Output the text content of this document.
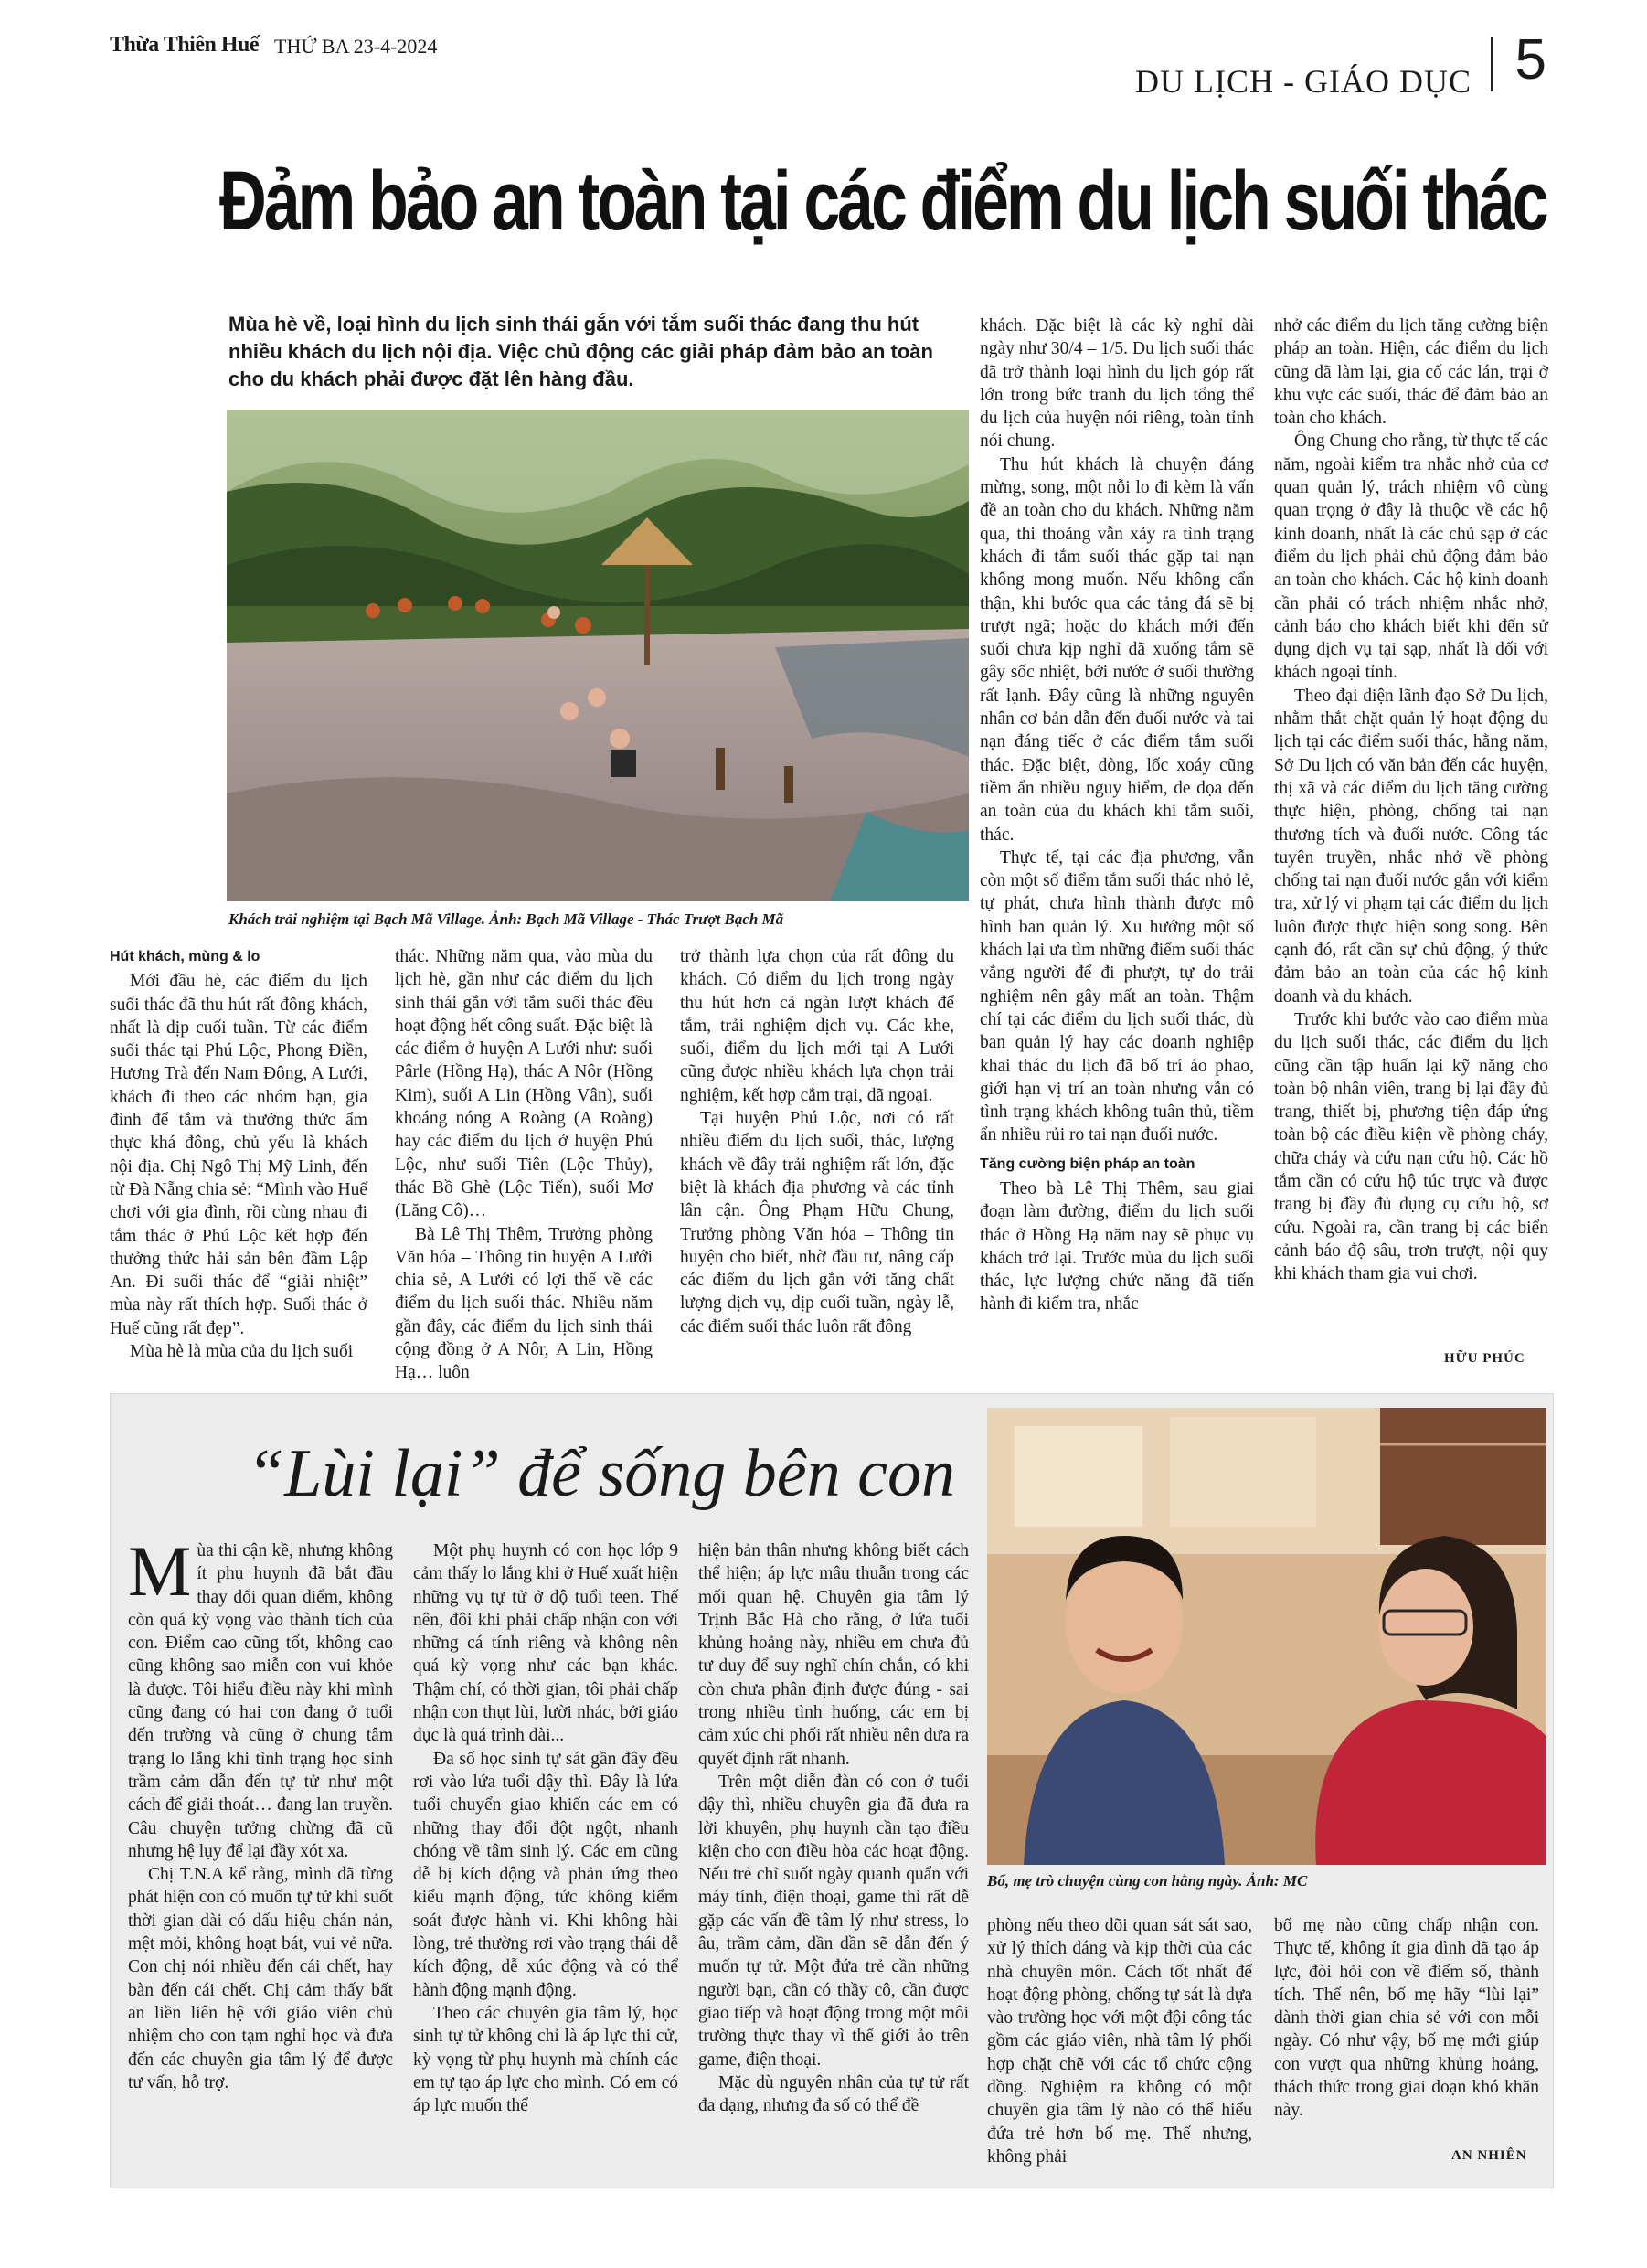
Thừa Thiên Huế THỨ BA 23-4-2024
DU LỊCH - GIÁO DỤC 5
Đảm bảo an toàn tại các điểm du lịch suối thác
Mùa hè về, loại hình du lịch sinh thái gắn với tắm suối thác đang thu hút nhiều khách du lịch nội địa. Việc chủ động các giải pháp đảm bảo an toàn cho du khách phải được đặt lên hàng đầu.
Khách trải nghiệm tại Bạch Mã Village. Ảnh: Bạch Mã Village - Thác Trượt Bạch Mã

Hút khách, mùng & lo

Mới đầu hè, các điểm du lịch suối thác đã thu hút rất đông khách, nhất là dịp cuối tuần. Từ các điểm suối thác tại Phú Lộc, Phong Điền, Hương Trà đến Nam Đông, A Lưới, khách đi theo các nhóm bạn, gia đình để tắm và thưởng thức ẩm thực khá đông, chủ yếu là khách nội địa. Chị Ngô Thị Mỹ Linh, đến từ Đà Nẵng chia sẻ: “Mình vào Huế chơi với gia đình, rồi cùng nhau đi tắm thác ở Phú Lộc kết hợp đến thưởng thức hải sản bên đầm Lập An. Đi suối thác để “giải nhiệt” mùa này rất thích hợp. Suối thác ở Huế cũng rất đẹp”.

Mùa hè là mùa của du lịch suối

thác. Những năm qua, vào mùa du lịch hè, gần như các điểm du lịch sinh thái gắn với tắm suối thác đều hoạt động hết công suất. Đặc biệt là các điểm ở huyện A Lưới như: suối Pârle (Hồng Hạ), thác A Nôr (Hồng Kim), suối A Lin (Hồng Vân), suối khoáng nóng A Roàng (A Roàng) hay các điểm du lịch ở huyện Phú Lộc, như suối Tiên (Lộc Thủy), thác Bồ Ghè (Lộc Tiến), suối Mơ (Lăng Cô)…

Bà Lê Thị Thêm, Trưởng phòng Văn hóa – Thông tin huyện A Lưới chia sẻ, A Lưới có lợi thế về các điểm du lịch suối thác. Nhiều năm gần đây, các điểm du lịch sinh thái cộng đồng ở A Nôr, A Lin, Hồng Hạ… luôn

trở thành lựa chọn của rất đông du khách. Có điểm du lịch trong ngày thu hút hơn cả ngàn lượt khách để tắm, trải nghiệm dịch vụ. Các khe, suối, điểm du lịch mới tại A Lưới cũng được nhiều khách lựa chọn trải nghiệm, kết hợp cắm trại, dã ngoại.

Tại huyện Phú Lộc, nơi có rất nhiều điểm du lịch suối, thác, lượng khách về đây trải nghiệm rất lớn, đặc biệt là khách địa phương và các tỉnh lân cận. Ông Phạm Hữu Chung, Trưởng phòng Văn hóa – Thông tin huyện cho biết, nhờ đầu tư, nâng cấp các điểm du lịch gắn với tăng chất lượng dịch vụ, dịp cuối tuần, ngày lễ, các điểm suối thác luôn rất đông

khách. Đặc biệt là các kỳ nghỉ dài ngày như 30/4 – 1/5. Du lịch suối thác đã trở thành loại hình du lịch góp rất lớn trong bức tranh du lịch tổng thể du lịch của huyện nói riêng, toàn tỉnh nói chung.

Thu hút khách là chuyện đáng mừng, song, một nỗi lo đi kèm là vấn đề an toàn cho du khách. Những năm qua, thi thoảng vẫn xảy ra tình trạng khách đi tắm suối thác gặp tai nạn không mong muốn. Nếu không cẩn thận, khi bước qua các tảng đá sẽ bị trượt ngã; hoặc do khách mới đến suối chưa kịp nghỉ đã xuống tắm sẽ gây sốc nhiệt, bởi nước ở suối thường rất lạnh. Đây cũng là những nguyên nhân cơ bản dẫn đến đuối nước và tai nạn đáng tiếc ở các điểm tắm suối thác. Đặc biệt, dòng, lốc xoáy cũng tiềm ẩn nhiều nguy hiểm, đe dọa đến an toàn của du khách khi tắm suối, thác.

Thực tế, tại các địa phương, vẫn còn một số điểm tắm suối thác nhỏ lẻ, tự phát, chưa hình thành được mô hình ban quản lý. Xu hướng một số khách lại ưa tìm những điểm suối thác vắng người để đi phượt, tự do trải nghiệm nên gây mất an toàn. Thậm chí tại các điểm du lịch suối thác, dù ban quản lý hay các doanh nghiệp khai thác du lịch đã bố trí áo phao, giới hạn vị trí an toàn nhưng vẫn có tình trạng khách không tuân thủ, tiềm ẩn nhiều rủi ro tai nạn đuối nước.

Tăng cường biện pháp an toàn

Theo bà Lê Thị Thêm, sau giai đoạn làm đường, điểm du lịch suối thác ở Hồng Hạ năm nay sẽ phục vụ khách trở lại. Trước mùa du lịch suối thác, lực lượng chức năng đã tiến hành đi kiểm tra, nhắc

nhở các điểm du lịch tăng cường biện pháp an toàn. Hiện, các điểm du lịch cũng đã làm lại, gia cố các lán, trại ở khu vực các suối, thác để đảm bảo an toàn cho khách.

Ông Chung cho rằng, từ thực tế các năm, ngoài kiểm tra nhắc nhở của cơ quan quản lý, trách nhiệm vô cùng quan trọng ở đây là thuộc về các hộ kinh doanh, nhất là các chủ sạp ở các điểm du lịch phải chủ động đảm bảo an toàn cho khách. Các hộ kinh doanh cần phải có trách nhiệm nhắc nhở, cảnh báo cho khách biết khi đến sử dụng dịch vụ tại sạp, nhất là đối với khách ngoại tỉnh.

Theo đại diện lãnh đạo Sở Du lịch, nhằm thắt chặt quản lý hoạt động du lịch tại các điểm suối thác, hằng năm, Sở Du lịch có văn bản đến các huyện, thị xã và các điểm du lịch tăng cường thực hiện, phòng, chống tai nạn thương tích và đuối nước. Công tác tuyên truyền, nhắc nhở về phòng chống tai nạn đuối nước gắn với kiểm tra, xử lý vi phạm tại các điểm du lịch luôn được thực hiện song song. Bên cạnh đó, rất cần sự chủ động, ý thức đảm bảo an toàn của các hộ kinh doanh và du khách.

Trước khi bước vào cao điểm mùa du lịch suối thác, các điểm du lịch cũng cần tập huấn lại kỹ năng cho toàn bộ nhân viên, trang bị lại đầy đủ trang, thiết bị, phương tiện đáp ứng toàn bộ các điều kiện về phòng cháy, chữa cháy và cứu nạn cứu hộ. Các hồ tắm cần có cứu hộ túc trực và được trang bị đầy đủ dụng cụ cứu hộ, sơ cứu. Ngoài ra, cần trang bị các biển cảnh báo độ sâu, trơn trượt, nội quy khi khách tham gia vui chơi.

HỮU PHÚC
“Lùi lại” để sống bên con
Bố, mẹ trò chuyện cùng con hằng ngày. Ảnh: MC

Mùa thi cận kề, nhưng không ít phụ huynh đã bắt đầu thay đổi quan điểm, không còn quá kỳ vọng vào thành tích của con. Điểm cao cũng tốt, không cao cũng không sao miễn con vui khỏe là được. Tôi hiểu điều này khi mình cũng đang có hai con đang ở tuổi đến trường và cũng ở chung tâm trạng lo lắng khi tình trạng học sinh trầm cảm dẫn đến tự tử như một cách để giải thoát… đang lan truyền. Câu chuyện tưởng chừng đã cũ nhưng hệ lụy để lại đầy xót xa.

Chị T.N.A kể rằng, mình đã từng phát hiện con có muốn tự tử khi suốt thời gian dài có dấu hiệu chán nản, mệt mỏi, không hoạt bát, vui vẻ nữa. Con chị nói nhiều đến cái chết, hay bàn đến cái chết. Chị cảm thấy bất an liền liên hệ với giáo viên chủ nhiệm cho con tạm nghỉ học và đưa đến các chuyên gia tâm lý để được tư vấn, hỗ trợ.

Một phụ huynh có con học lớp 9 cảm thấy lo lắng khi ở Huế xuất hiện những vụ tự tử ở độ tuổi teen. Thế nên, đôi khi phải chấp nhận con với những cá tính riêng và không nên quá kỳ vọng như các bạn khác. Thậm chí, có thời gian, tôi phải chấp nhận con thụt lùi, lười nhác, bởi giáo dục là quá trình dài...

Đa số học sinh tự sát gần đây đều rơi vào lứa tuổi dậy thì. Đây là lứa tuổi chuyển giao khiến các em có những thay đổi đột ngột, nhanh chóng về tâm sinh lý. Các em cũng dễ bị kích động và phản ứng theo kiểu mạnh động, tức không kiểm soát được hành vi. Khi không hài lòng, trẻ thường rơi vào trạng thái dễ kích động, dễ xúc động và có thể hành động mạnh động.

Theo các chuyên gia tâm lý, học sinh tự tử không chỉ là áp lực thi cử, kỳ vọng từ phụ huynh mà chính các em tự tạo áp lực cho mình. Có em có áp lực muốn thể

hiện bản thân nhưng không biết cách thể hiện; áp lực mâu thuẫn trong các mối quan hệ. Chuyên gia tâm lý Trịnh Bắc Hà cho rằng, ở lứa tuổi khủng hoảng này, nhiều em chưa đủ tư duy để suy nghĩ chín chắn, có khi còn chưa phân định được đúng - sai trong nhiều tình huống, các em bị cảm xúc chi phối rất nhiều nên đưa ra quyết định rất nhanh.

Trên một diễn đàn có con ở tuổi dậy thì, nhiều chuyên gia đã đưa ra lời khuyên, phụ huynh cần tạo điều kiện cho con điều hòa các hoạt động. Nếu trẻ chỉ suốt ngày quanh quẩn với máy tính, điện thoại, game thì rất dễ gặp các vấn đề tâm lý như stress, lo âu, trầm cảm, dần dần sẽ dẫn đến ý muốn tự tử. Một đứa trẻ cần những người bạn, cần có thầy cô, cần được giao tiếp và hoạt động trong một môi trường thực thay vì thế giới ảo trên game, điện thoại.

Mặc dù nguyên nhân của tự tử rất đa dạng, nhưng đa số có thể đề

phòng nếu theo dõi quan sát sát sao, xử lý thích đáng và kịp thời của các nhà chuyên môn. Cách tốt nhất để hoạt động phòng, chống tự sát là dựa vào trường học với một đội công tác gồm các giáo viên, nhà tâm lý phối hợp chặt chẽ với các tổ chức cộng đồng. Nghiệm ra không có một chuyên gia tâm lý nào có thể hiểu đứa trẻ hơn bố mẹ. Thế nhưng, không phải

bố mẹ nào cũng chấp nhận con. Thực tế, không ít gia đình đã tạo áp lực, đòi hỏi con về điểm số, thành tích. Thế nên, bố mẹ hãy “lùi lại” dành thời gian chia sẻ với con mỗi ngày. Có như vậy, bố mẹ mới giúp con vượt qua những khủng hoảng, thách thức trong giai đoạn khó khăn này.

AN NHIÊN
